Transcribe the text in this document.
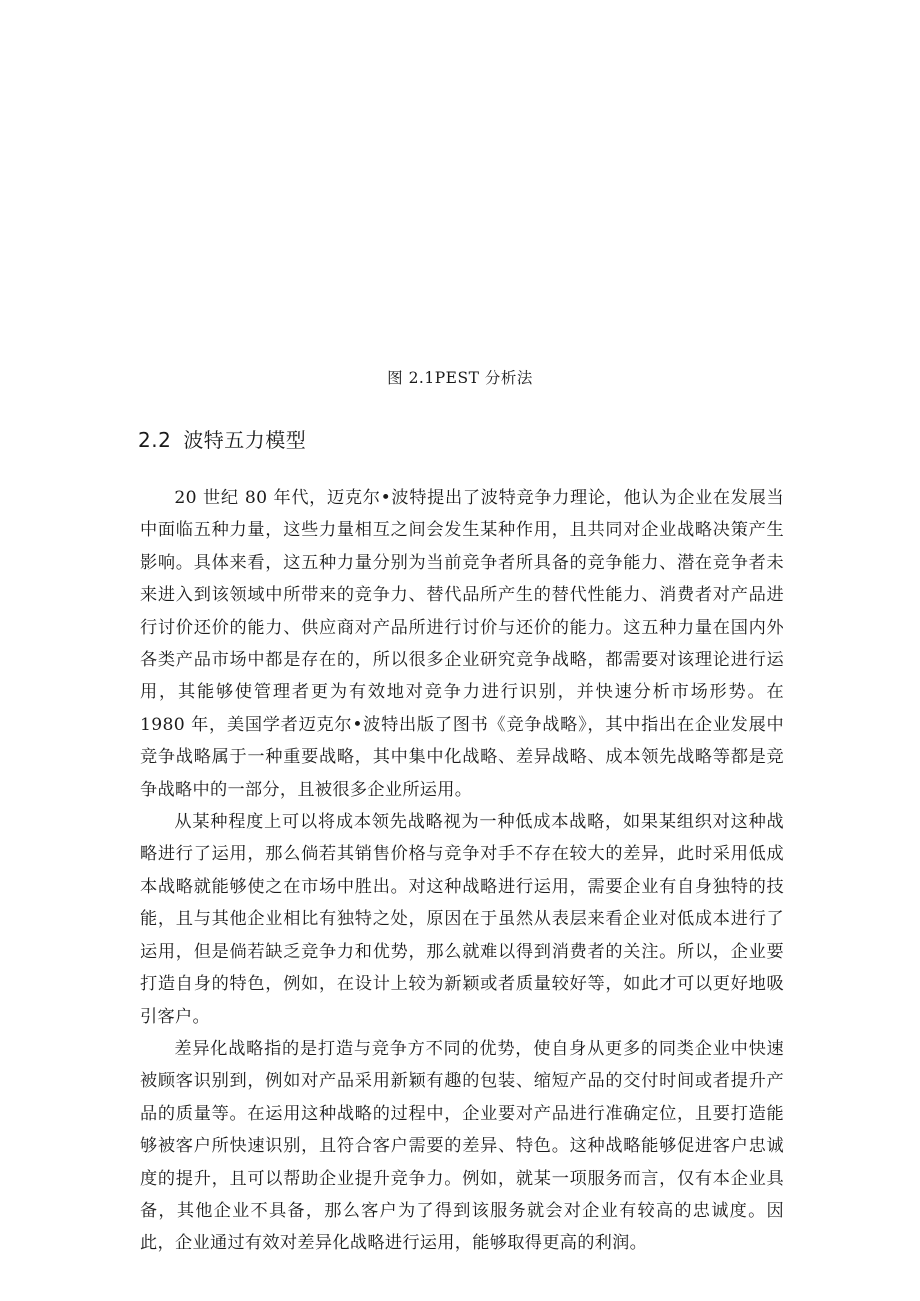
图 2.1PEST 分析法
2.2 波特五力模型

20 世纪 80 年代，迈克尔•波特提出了波特竞争力理论，他认为企业在发展当中面临五种力量，这些力量相互之间会发生某种作用，且共同对企业战略决策产生影响。具体来看，这五种力量分别为当前竞争者所具备的竞争能力、潜在竞争者未来进入到该领域中所带来的竞争力、替代品所产生的替代性能力、消费者对产品进行讨价还价的能力、供应商对产品所进行讨价与还价的能力。这五种力量在国内外各类产品市场中都是存在的，所以很多企业研究竞争战略，都需要对该理论进行运用，其能够使管理者更为有效地对竞争力进行识别，并快速分析市场形势。在 1980 年，美国学者迈克尔•波特出版了图书《竞争战略》，其中指出在企业发展中竞争战略属于一种重要战略，其中集中化战略、差异战略、成本领先战略等都是竞争战略中的一部分，且被很多企业所运用。

从某种程度上可以将成本领先战略视为一种低成本战略，如果某组织对这种战略进行了运用，那么倘若其销售价格与竞争对手不存在较大的差异，此时采用低成本战略就能够使之在市场中胜出。对这种战略进行运用，需要企业有自身独特的技能，且与其他企业相比有独特之处，原因在于虽然从表层来看企业对低成本进行了运用，但是倘若缺乏竞争力和优势，那么就难以得到消费者的关注。所以，企业要打造自身的特色，例如，在设计上较为新颖或者质量较好等，如此才可以更好地吸引客户。

差异化战略指的是打造与竞争方不同的优势，使自身从更多的同类企业中快速被顾客识别到，例如对产品采用新颖有趣的包装、缩短产品的交付时间或者提升产品的质量等。在运用这种战略的过程中，企业要对产品进行准确定位，且要打造能够被客户所快速识别，且符合客户需要的差异、特色。这种战略能够促进客户忠诚度的提升，且可以帮助企业提升竞争力。例如，就某一项服务而言，仅有本企业具备，其他企业不具备，那么客户为了得到该服务就会对企业有较高的忠诚度。因此，企业通过有效对差异化战略进行运用，能够取得更高的利润。
